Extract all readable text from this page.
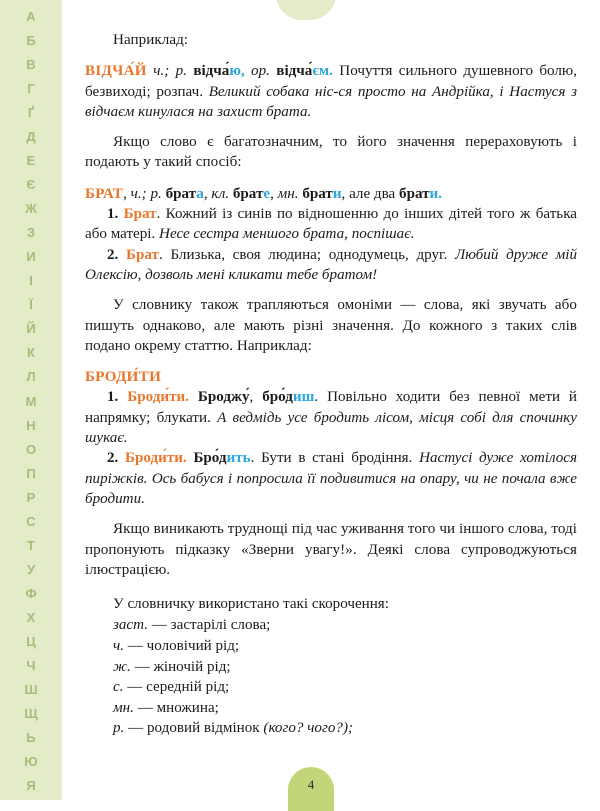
А
Б
В
Г
Ґ
Д
Е
Є
Ж
З
И
І
Ї
Й
К
Л
М
Н
О
П
Р
С
Т
У
Ф
Х
Ц
Ч
Ш
Щ
Ь
Ю
Я	4

Наприклад:

ВІДЧА́Й ч.; р. відча́ю, ор. відча́єм. Почуття сильного душевного болю, безвиході; розпач. Великий собака ніс-ся просто на Андрійка, і Настуся з відчаєм кинулася на захист брата.

Якщо слово є багатозначним, то його значення перераховують і подають у такий спосіб:

БРАТ, ч.; р. брата, кл. брате, мн. брати, але два брати.

1. Брат. Кожний із синів по відношенню до інших дітей того ж батька або матері. Несе сестра меншого брата, поспішає.

2. Брат. Близька, своя людина; однодумець, друг. Любий друже мій Олексію, дозволь мені кликати тебе братом!

У словнику також трапляються омоніми — слова, які звучать або пишуть однаково, але мають різні значення. До кожного з таких слів подано окрему статтю. Наприклад:

БРОДИ́ТИ

1. Броди́ти. Броджу́, бро́диш. Повільно ходити без певної мети й напрямку; блукати. А ведмідь усе бродить лісом, місця собі для спочинку шукає.

2. Броди́ти. Бро́дить. Бути в стані бродіння. Настусі дуже хотілося пиріжків. Ось бабуся і попросила її подивитися на опару, чи не почала вже бродити.

Якщо виникають труднощі під час уживання того чи іншого слова, тоді пропонують підказку «Зверни увагу!». Деякі слова супроводжуються ілюстрацією.

У словничку використано такі скорочення:

заст. — застарілі слова;
ч. — чоловічий рід;
ж. — жіночій рід;
с. — середній рід;
мн. — множина;
р. — родовий відмінок (кого? чого?);
